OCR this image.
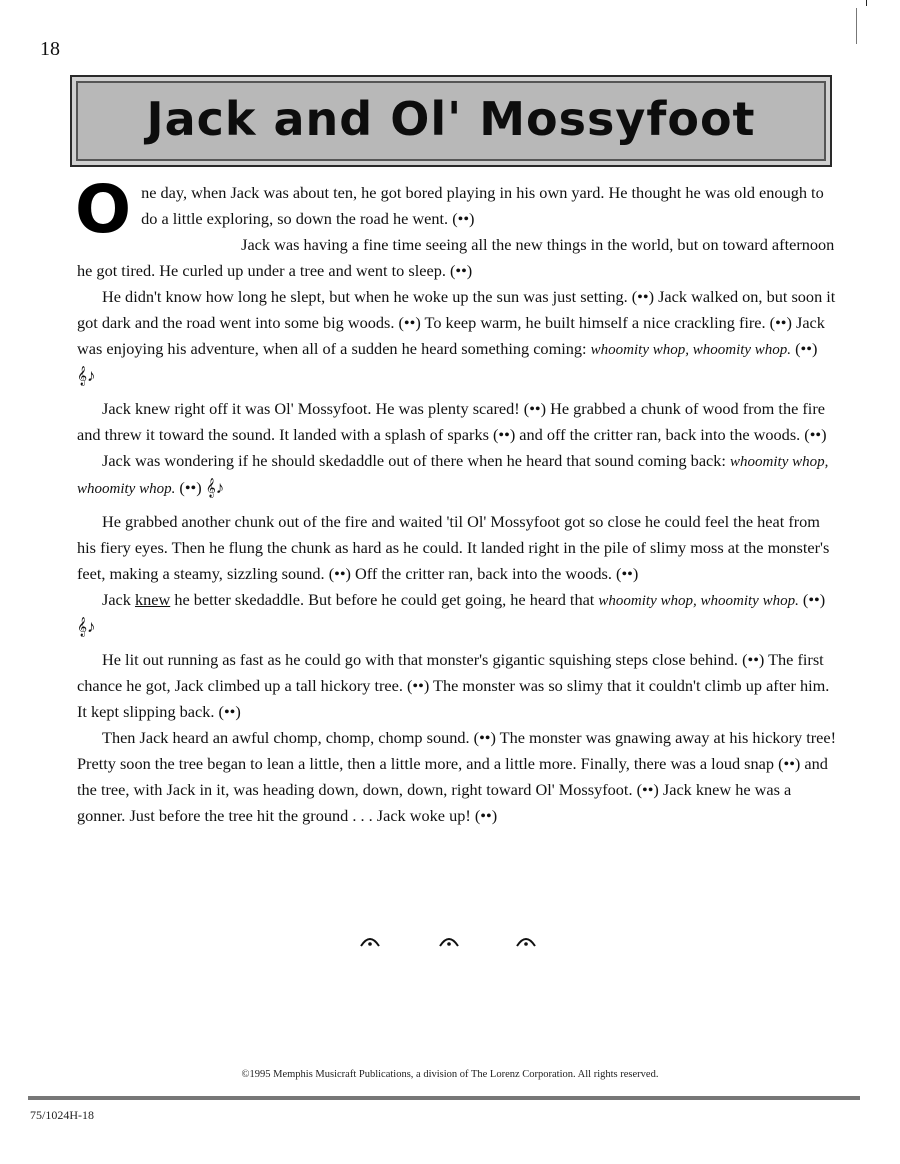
18
Jack and Ol' Mossyfoot

O ne day, when Jack was about ten, he got bored playing in his own yard. He thought he was old enough to do a little exploring, so down the road he went. (••)

Jack was having a fine time seeing all the new things in the world, but on toward afternoon he got tired. He curled up under a tree and went to sleep. (••)

He didn't know how long he slept, but when he woke up the sun was just setting. (••) Jack walked on, but soon it got dark and the road went into some big woods. (••) To keep warm, he built himself a nice crackling fire. (••) Jack was enjoying his adventure, when all of a sudden he heard something coming: whoomity whop, whoomity whop. (••) 𝄞♪

Jack knew right off it was Ol' Mossyfoot. He was plenty scared! (••) He grabbed a chunk of wood from the fire and threw it toward the sound. It landed with a splash of sparks (••) and off the critter ran, back into the woods. (••)

Jack was wondering if he should skedaddle out of there when he heard that sound coming back: whoomity whop, whoomity whop. (••) 𝄞♪

He grabbed another chunk out of the fire and waited 'til Ol' Mossyfoot got so close he could feel the heat from his fiery eyes. Then he flung the chunk as hard as he could. It landed right in the pile of slimy moss at the monster's feet, making a steamy, sizzling sound. (••) Off the critter ran, back into the woods. (••)

Jack knew he better skedaddle. But before he could get going, he heard that whoomity whop, whoomity whop. (••) 𝄞♪

He lit out running as fast as he could go with that monster's gigantic squishing steps close behind. (••) The first chance he got, Jack climbed up a tall hickory tree. (••) The monster was so slimy that it couldn't climb up after him. It kept slipping back. (••)

Then Jack heard an awful chomp, chomp, chomp sound. (••) The monster was gnawing away at his hickory tree! Pretty soon the tree began to lean a little, then a little more, and a little more. Finally, there was a loud snap (••) and the tree, with Jack in it, was heading down, down, down, right toward Ol' Mossyfoot. (••) Jack knew he was a gonner. Just before the tree hit the ground . . . Jack woke up! (••)

©1995 Memphis Musicraft Publications, a division of The Lorenz Corporation. All rights reserved.
75/1024H-18
